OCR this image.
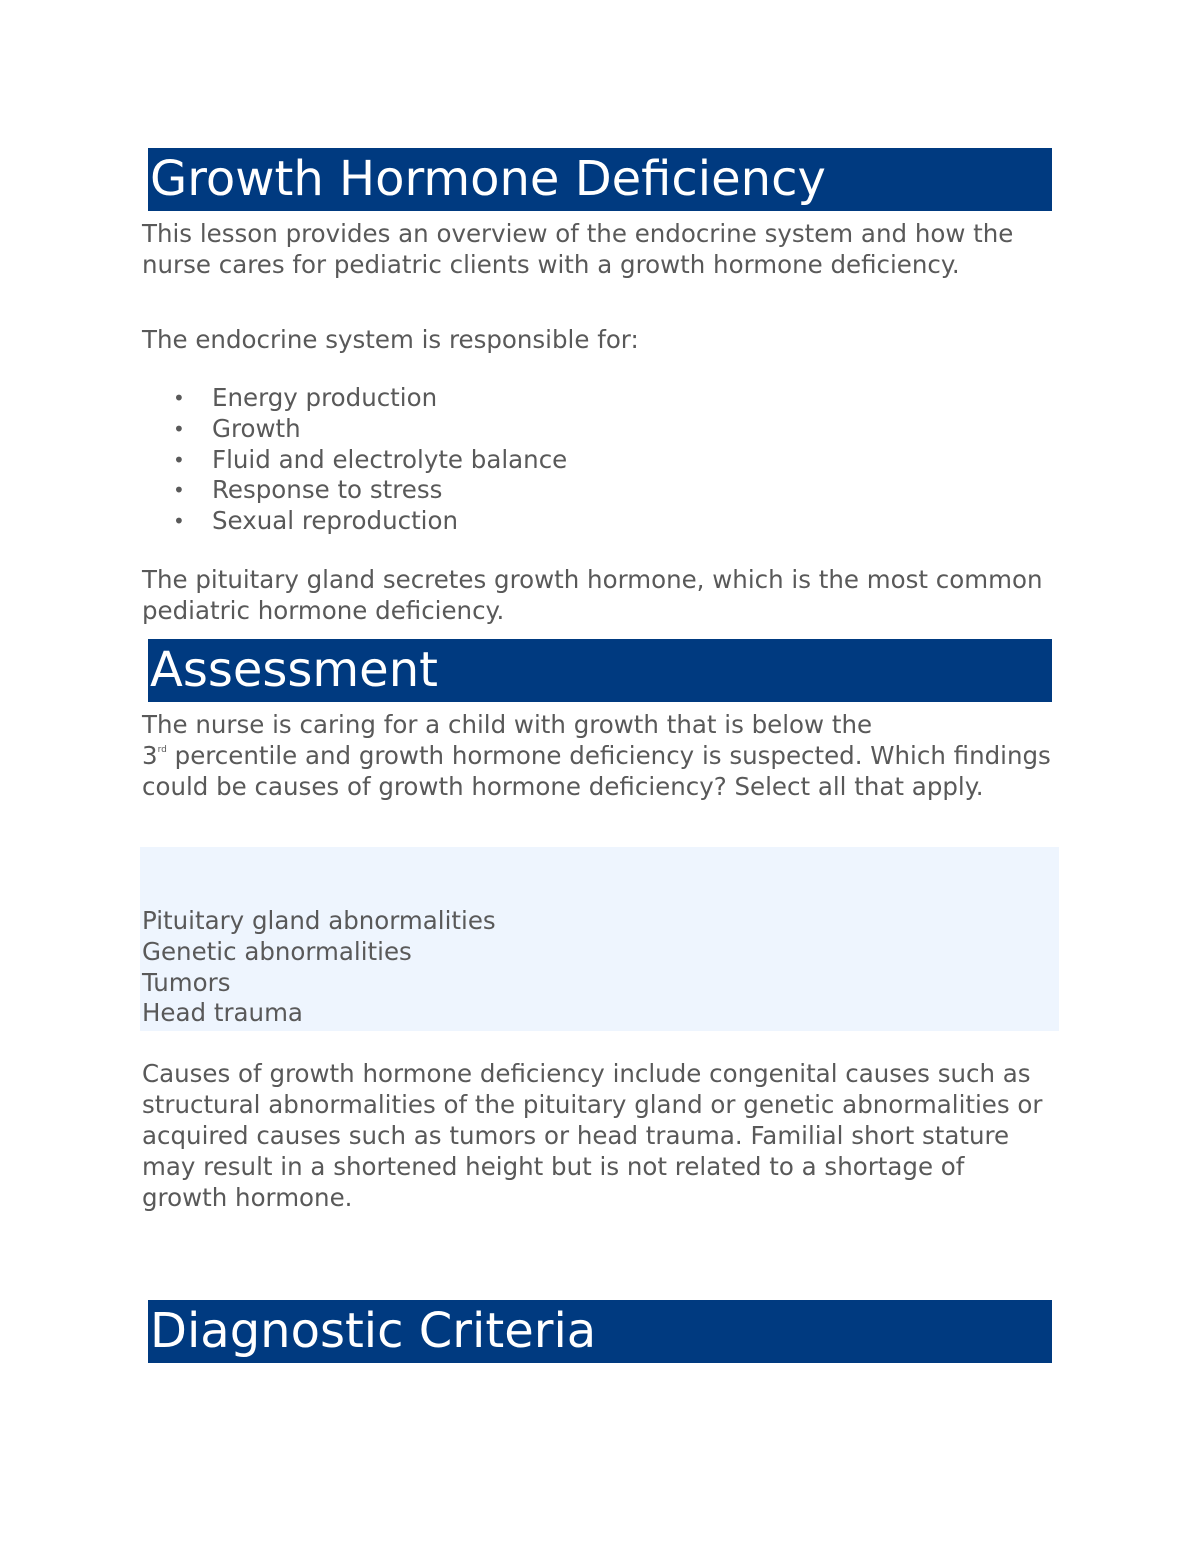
Growth Hormone Deficiency

This lesson provides an overview of the endocrine system and how the nurse cares for pediatric clients with a growth hormone deficiency.

The endocrine system is responsible for:

• Energy production
• Growth
• Fluid and electrolyte balance
• Response to stress
• Sexual reproduction

The pituitary gland secretes growth hormone, which is the most common pediatric hormone deficiency.

Assessment

The nurse is caring for a child with growth that is below the
3rd percentile and growth hormone deficiency is suspected. Which findings could be causes of growth hormone deficiency? Select all that apply.

Pituitary gland abnormalities
Genetic abnormalities
Tumors
Head trauma

Causes of growth hormone deficiency include congenital causes such as structural abnormalities of the pituitary gland or genetic abnormalities or acquired causes such as tumors or head trauma. Familial short stature may result in a shortened height but is not related to a shortage of growth hormone.

Diagnostic Criteria
